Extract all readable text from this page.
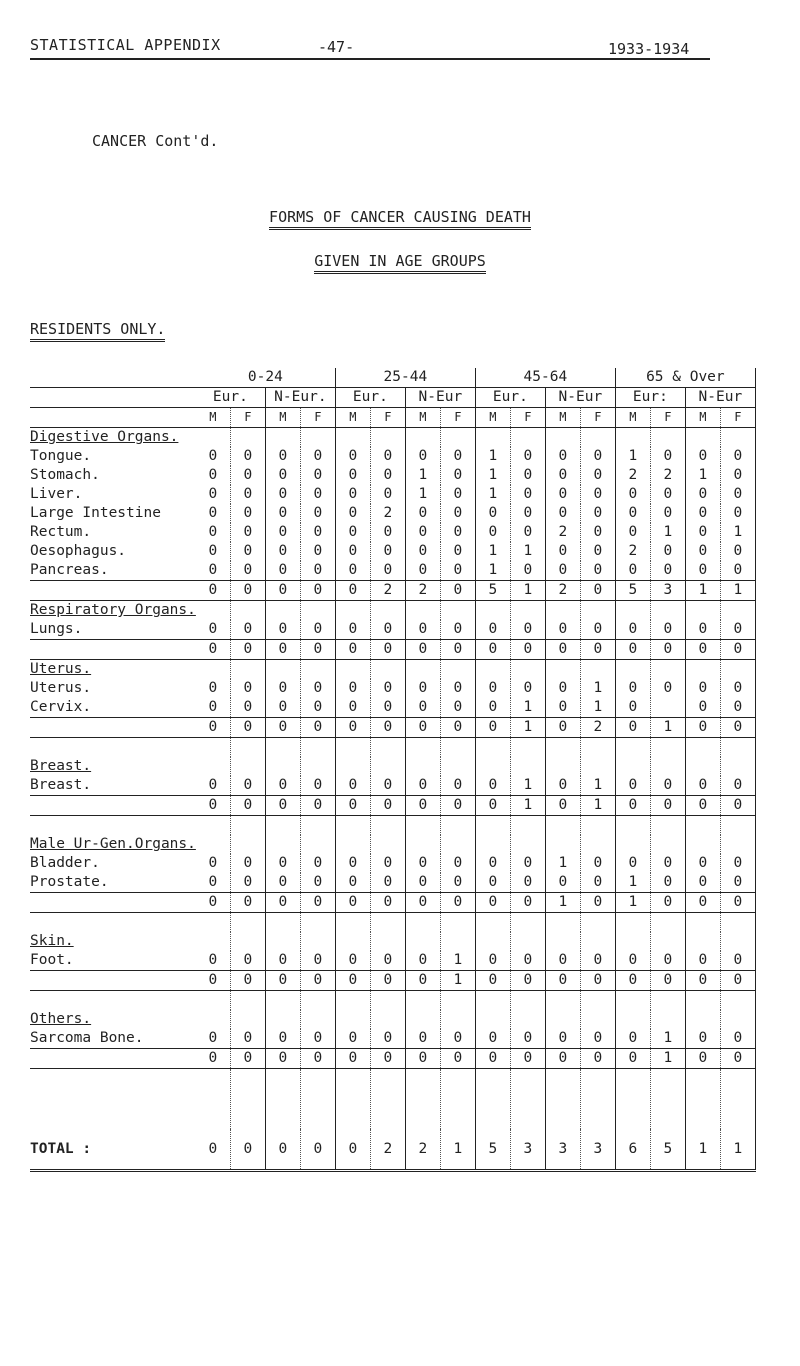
STATISTICAL APPENDIX	-47-	1933-1934
CANCER Cont'd.
FORMS OF CANCER CAUSING DEATH
GIVEN IN AGE GROUPS
RESIDENTS ONLY.
	0-24				25-44				45-64				65 & Over			
	Eur.		N-Eur.		Eur.		N-Eur		Eur.		N-Eur		Eur:		N-Eur	
	M	F	M	F	M	F	M	F	M	F	M	F	M	F	M	F
Digestive Organs.																
Tongue.	0	0	0	0	0	0	0	0	1	0	0	0	1	0	0	0
Stomach.	0	0	0	0	0	0	1	0	1	0	0	0	2	2	1	0
Liver.	0	0	0	0	0	0	1	0	1	0	0	0	0	0	0	0
Large Intestine	0	0	0	0	0	2	0	0	0	0	0	0	0	0	0	0
Rectum.	0	0	0	0	0	0	0	0	0	0	2	0	0	1	0	1
Oesophagus.	0	0	0	0	0	0	0	0	1	1	0	0	2	0	0	0
Pancreas.	0	0	0	0	0	0	0	0	1	0	0	0	0	0	0	0
	0	0	0	0	0	2	2	0	5	1	2	0	5	3	1	1
Respiratory Organs.																
Lungs.	0	0	0	0	0	0	0	0	0	0	0	0	0	0	0	0
	0	0	0	0	0	0	0	0	0	0	0	0	0	0	0	0
Uterus.																
Uterus.	0	0	0	0	0	0	0	0	0	0	0	1	0	0	0	0
Cervix.	0	0	0	0	0	0	0	0	0	1	0	1	0		0	0
	0	0	0	0	0	0	0	0	0	1	0	2	0	1	0	0

Breast.																
Breast.	0	0	0	0	0	0	0	0	0	1	0	1	0	0	0	0
	0	0	0	0	0	0	0	0	0	1	0	1	0	0	0	0

Male Ur-Gen.Organs.																
Bladder.	0	0	0	0	0	0	0	0	0	0	1	0	0	0	0	0
Prostate.	0	0	0	0	0	0	0	0	0	0	0	0	1	0	0	0
	0	0	0	0	0	0	0	0	0	0	1	0	1	0	0	0

Skin.																
Foot.	0	0	0	0	0	0	0	1	0	0	0	0	0	0	0	0
	0	0	0	0	0	0	0	1	0	0	0	0	0	0	0	0

Others.																
Sarcoma Bone.	0	0	0	0	0	0	0	0	0	0	0	0	0	1	0	0
	0	0	0	0	0	0	0	0	0	0	0	0	0	1	0	0

TOTAL :	0	0	0	0	0	2	2	1	5	3	3	3	6	5	1	1
